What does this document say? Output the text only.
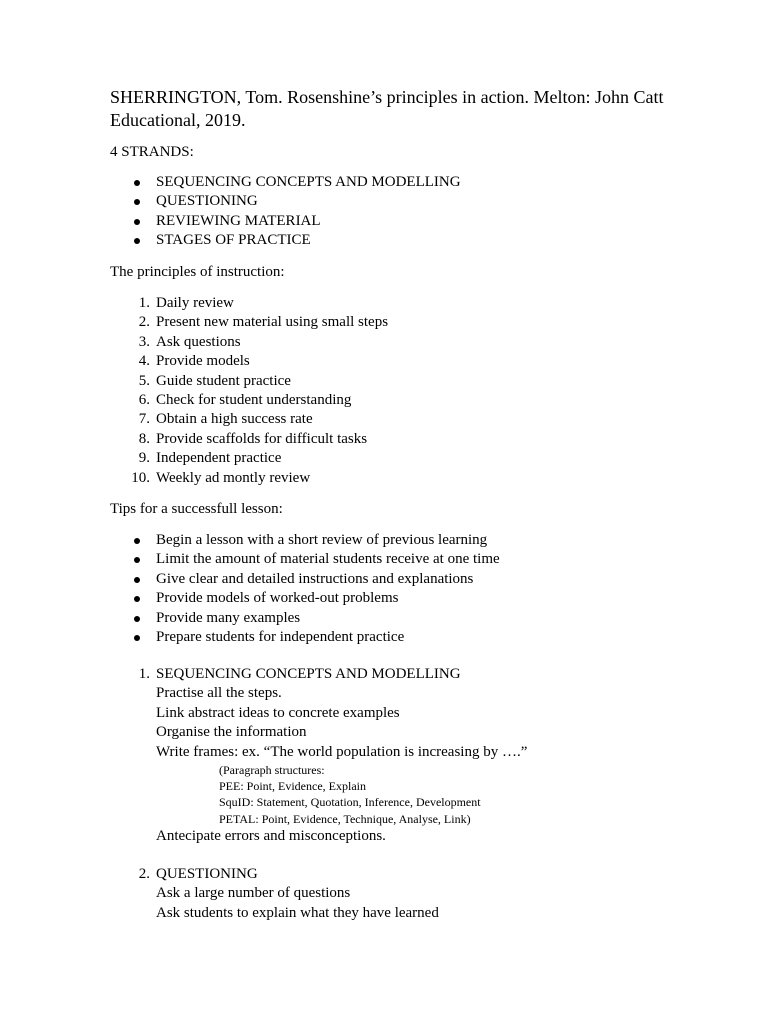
SHERRINGTON, Tom. Rosenshine’s principles in action. Melton: John Catt Educational, 2019.

4 STRANDS:

SEQUENCING CONCEPTS AND MODELLING
QUESTIONING
REVIEWING MATERIAL
STAGES OF PRACTICE

The principles of instruction:

1. Daily review
2. Present new material using small steps
3. Ask questions
4. Provide models
5. Guide student practice
6. Check for student understanding
7. Obtain a high success rate
8. Provide scaffolds for difficult tasks
9. Independent practice
10. Weekly ad montly review

Tips for a successfull lesson:

Begin a lesson with a short review of previous learning
Limit the amount of material students receive at one time
Give clear and detailed instructions and explanations
Provide models of worked-out problems
Provide many examples
Prepare students for independent practice
1. SEQUENCING CONCEPTS AND MODELLING
Practise all the steps.
Link abstract ideas to concrete examples
Organise the information
Write frames: ex. “The world population is increasing by ….”
(Paragraph structures:
PEE: Point, Evidence, Explain
SquID: Statement, Quotation, Inference, Development
PETAL: Point, Evidence, Technique, Analyse, Link)
Antecipate errors and misconceptions.
2. QUESTIONING
Ask a large number of questions
Ask students to explain what they have learned
